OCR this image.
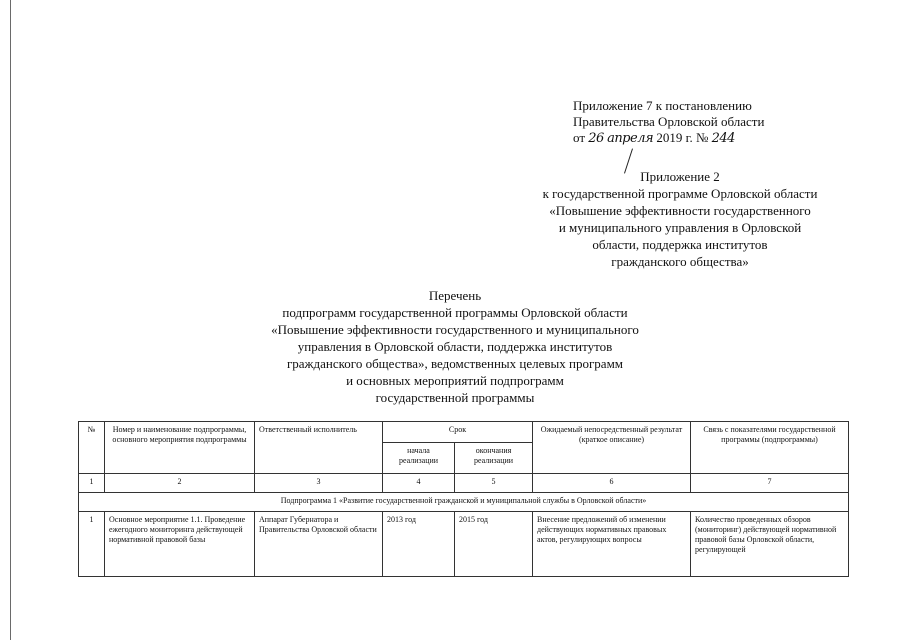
Приложение 7 к постановлению
Правительства Орловской области
от 26 апреля 2019 г. № 244
Приложение 2
к государственной программе Орловской области
«Повышение эффективности государственного
и муниципального управления в Орловской
области, поддержка институтов
гражданского общества»
Перечень
подпрограмм государственной программы Орловской области
«Повышение эффективности государственного и муниципального
управления в Орловской области, поддержка институтов
гражданского общества», ведомственных целевых программ
и основных мероприятий подпрограмм
государственной программы
№	Номер и наименование подпрограммы, основного мероприятия подпрограммы	Ответственный исполнитель	Срок		Ожидаемый непосредственный результат (краткое описание)	Связь с показателями государственной программы (подпрограммы)
			начала реализации	окончания реализации		
1	2	3	4	5	6	7
Подпрограмма 1 «Развитие государственной гражданской и муниципальной службы в Орловской области»						
1	Основное мероприятие 1.1. Проведение ежегодного мониторинга действующей нормативной правовой базы	Аппарат Губернатора и Правительства Орловской области	2013 год	2015 год	Внесение предложений об изменении действующих нормативных правовых актов, регулирующих вопросы	Количество проведенных обзоров (мониторинг) действующей нормативной правовой базы Орловской области, регулирующей
